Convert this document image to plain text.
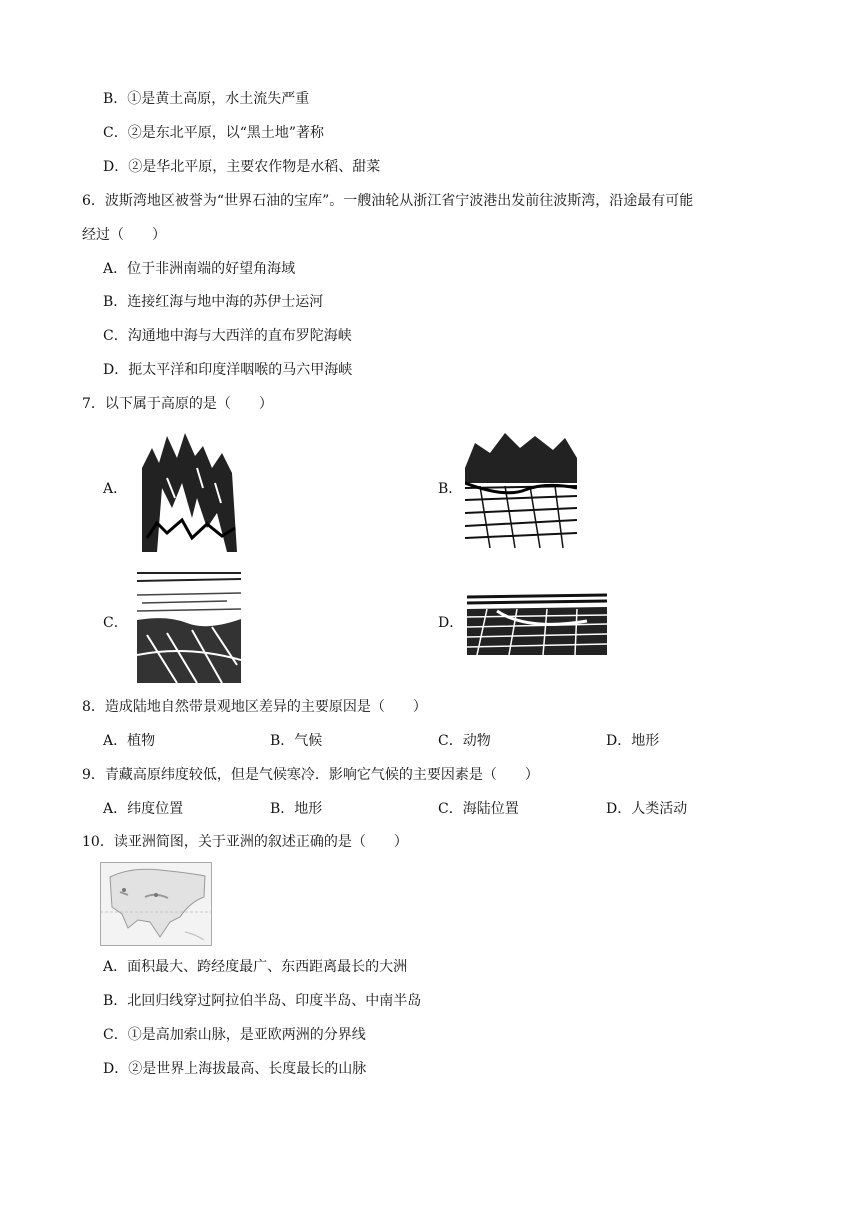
B．①是黄土高原，水土流失严重
C．②是东北平原，以“黑土地”著称
D．②是华北平原，主要农作物是水稻、甜菜
6．波斯湾地区被誉为“世界石油的宝库”。一艘油轮从浙江省宁波港出发前往波斯湾，沿途最有可能
经过（　　）
A．位于非洲南端的好望角海域
B．连接红海与地中海的苏伊士运河
C．沟通地中海与大西洋的直布罗陀海峡
D．扼太平洋和印度洋咽喉的马六甲海峡
7．以下属于高原的是（　　）
A．	B．
C．	D．
8．造成陆地自然带景观地区差异的主要原因是（　　）
A．植物	B．气候	C．动物	D．地形
9．青藏高原纬度较低，但是气候寒冷．影响它气候的主要因素是（　　）
A．纬度位置	B．地形	C．海陆位置	D．人类活动
10．读亚洲简图，关于亚洲的叙述正确的是（　　）
A．面积最大、跨经度最广、东西距离最长的大洲
B．北回归线穿过阿拉伯半岛、印度半岛、中南半岛
C．①是高加索山脉，是亚欧两洲的分界线
D．②是世界上海拔最高、长度最长的山脉
